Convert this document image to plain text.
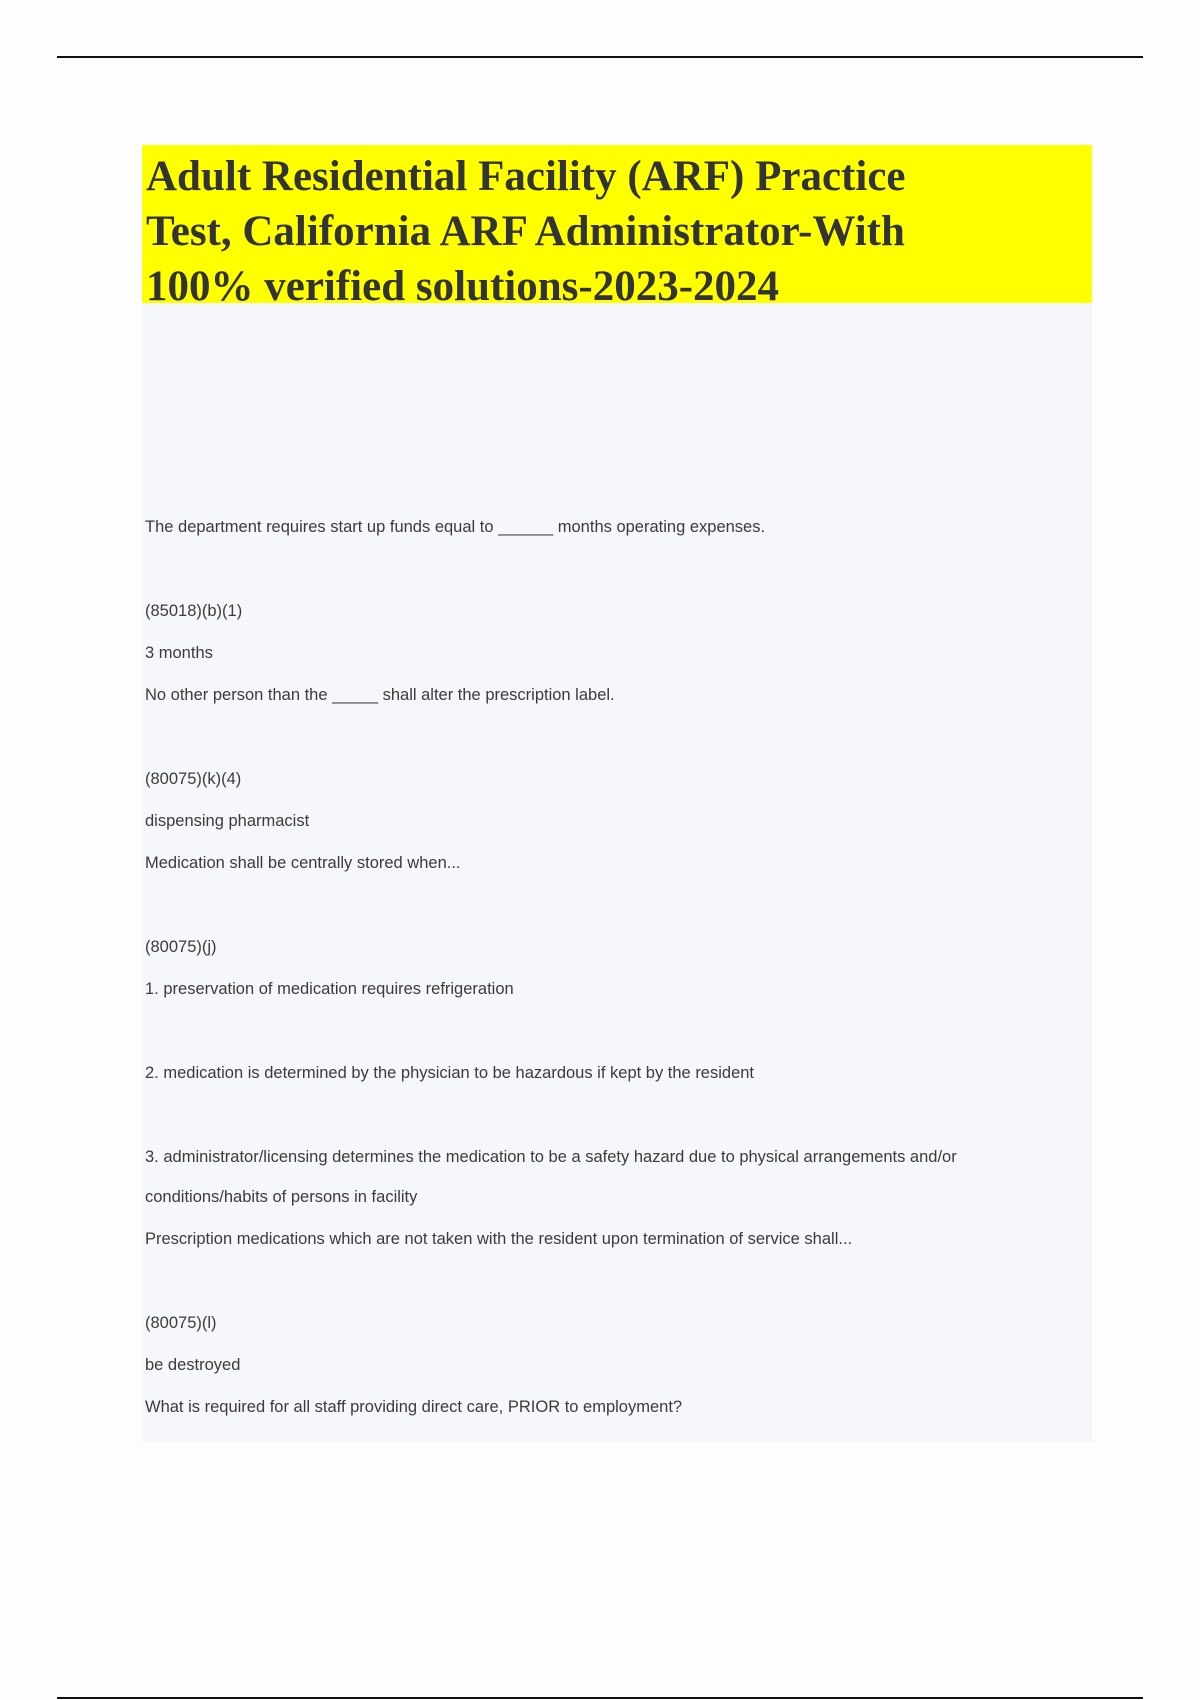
Adult Residential Facility (ARF) Practice
Test, California ARF Administrator-With
100% verified solutions-2023-2024
The department requires start up funds equal to ______ months operating expenses.
(85018)(b)(1)
3 months
No other person than the _____ shall alter the prescription label.
(80075)(k)(4)
dispensing pharmacist
Medication shall be centrally stored when...
(80075)(j)
1. preservation of medication requires refrigeration
2. medication is determined by the physician to be hazardous if kept by the resident
3. administrator/licensing determines the medication to be a safety hazard due to physical arrangements and/or
conditions/habits of persons in facility
Prescription medications which are not taken with the resident upon termination of service shall...
(80075)(l)
be destroyed
What is required for all staff providing direct care, PRIOR to employment?
